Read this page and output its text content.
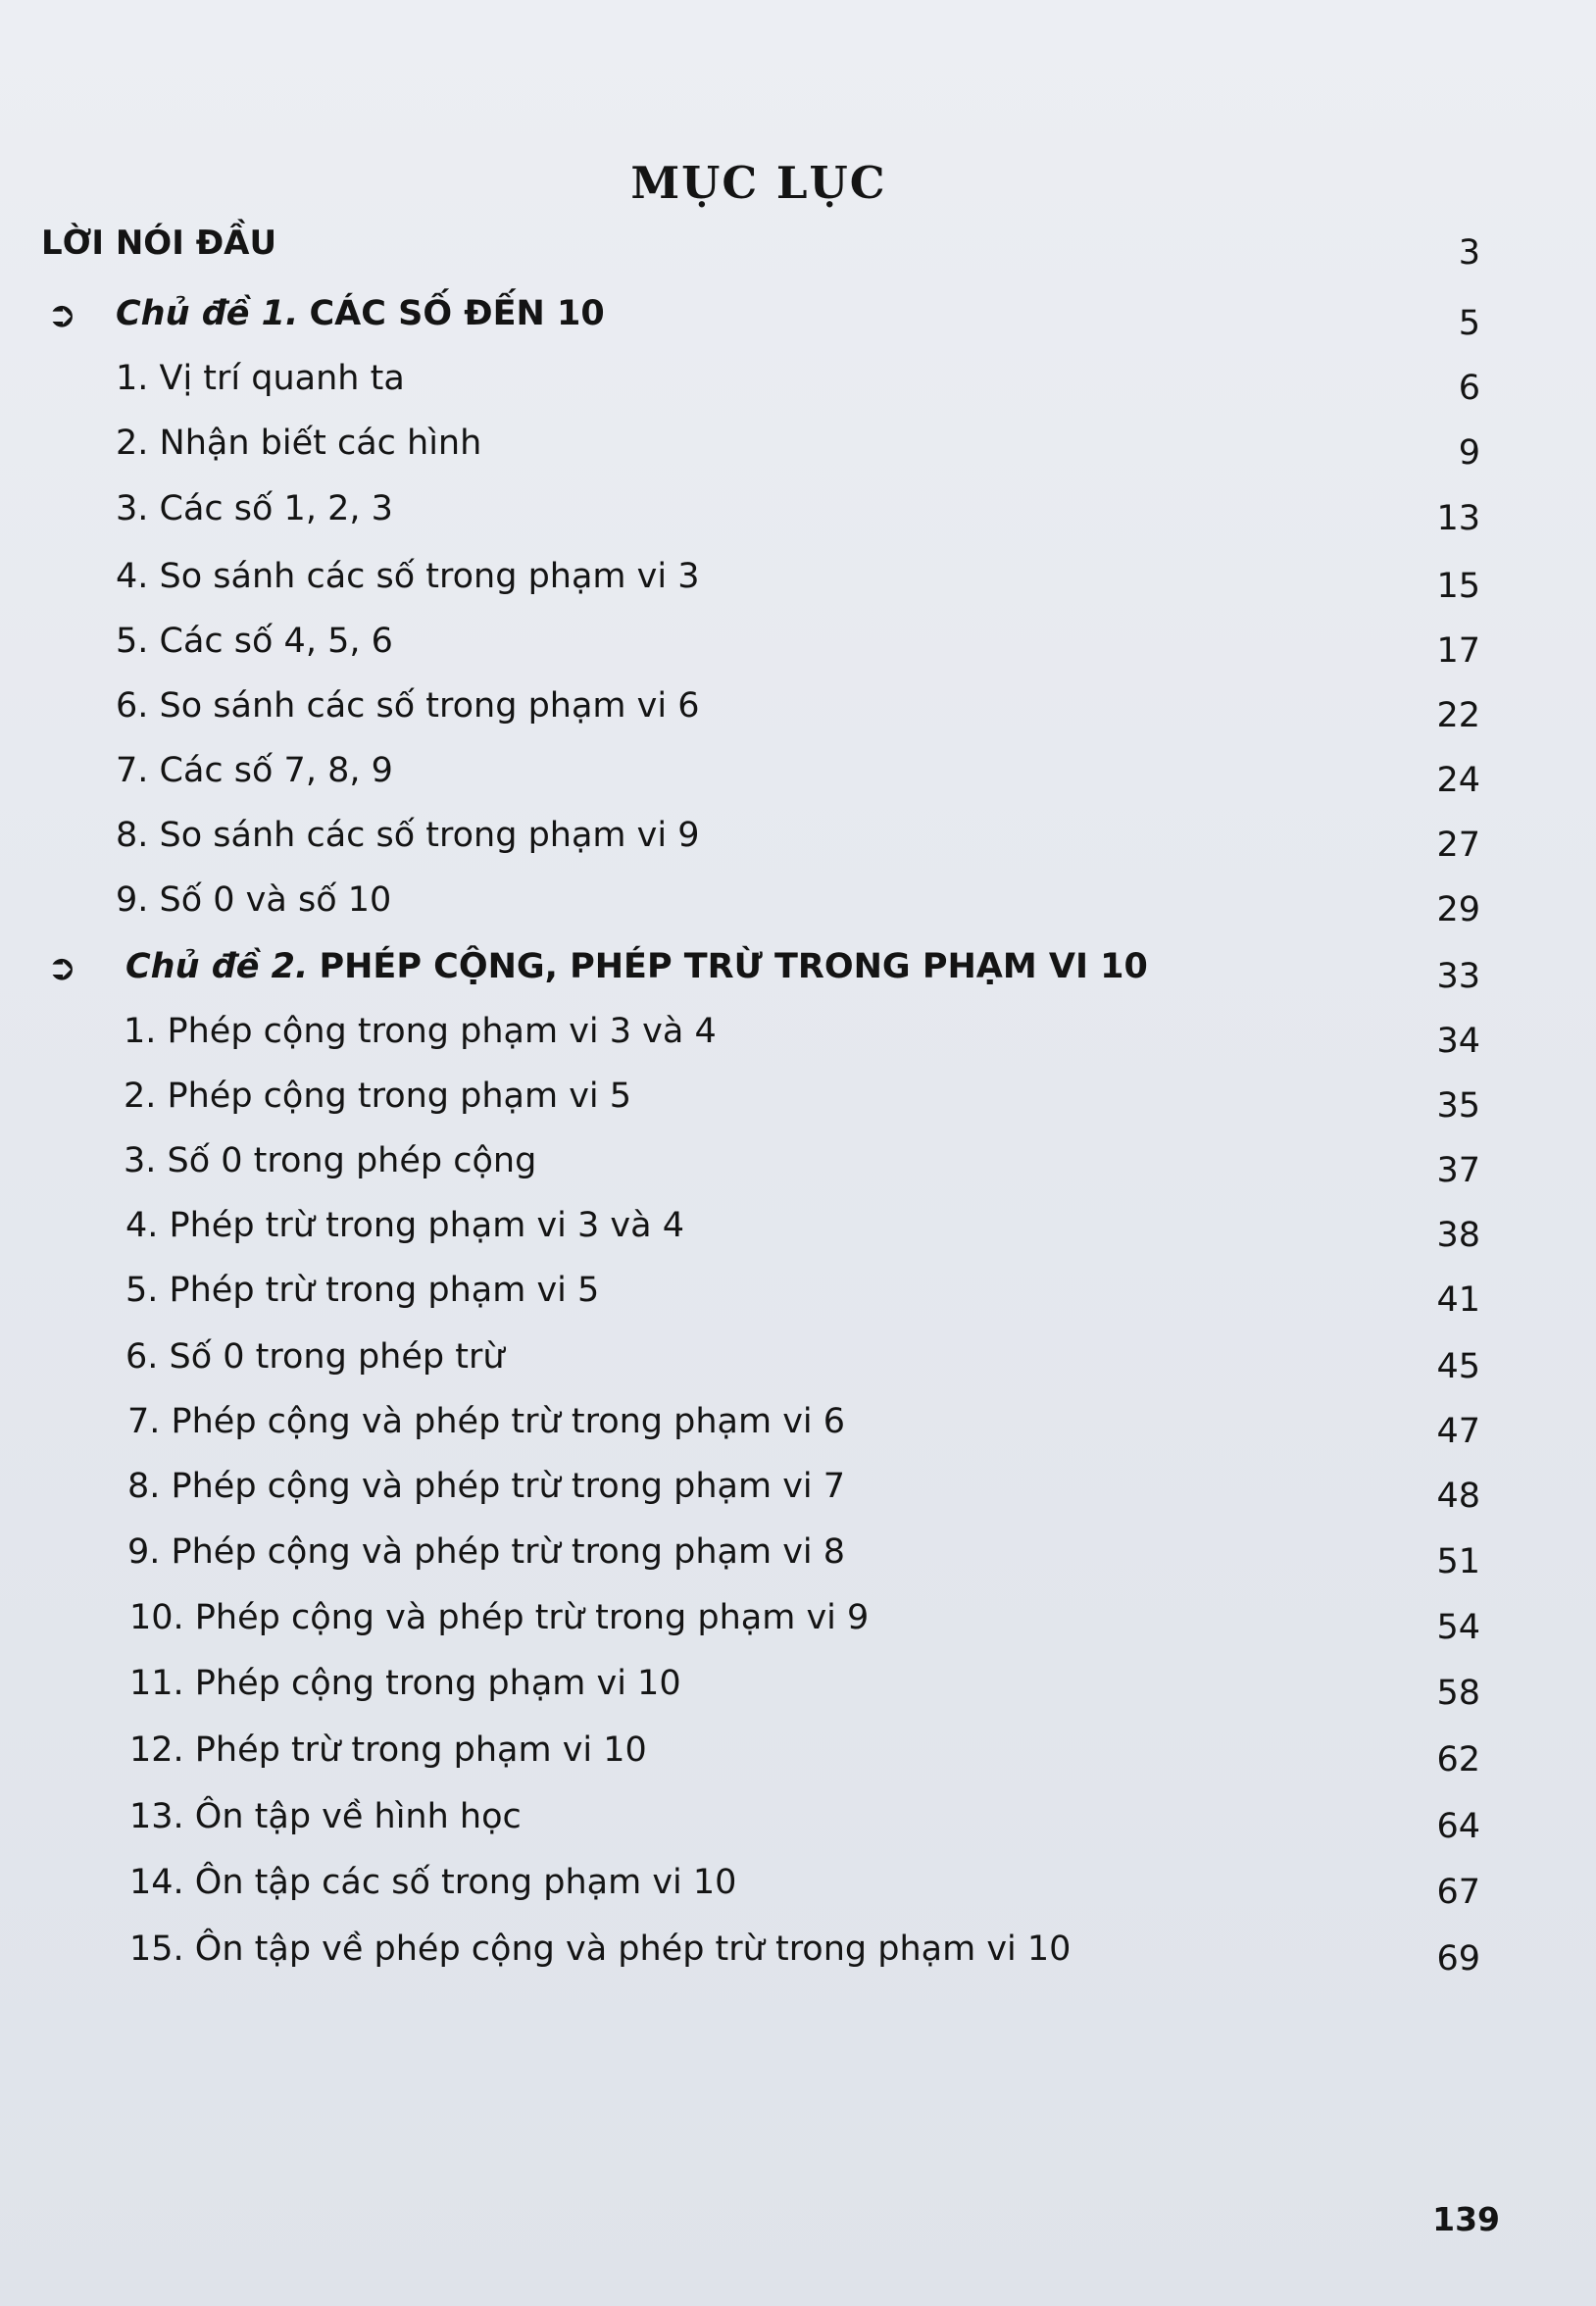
MỤC LỤC
LỜI NÓI ĐẦU	3
➲ Chủ đề 1. CÁC SỐ ĐẾN 10	5
1. Vị trí quanh ta	6
2. Nhận biết các hình	9
3. Các số 1, 2, 3	13
4. So sánh các số trong phạm vi 3	15
5. Các số 4, 5, 6	17
6. So sánh các số trong phạm vi 6	22
7. Các số 7, 8, 9	24
8. So sánh các số trong phạm vi 9	27
9. Số 0 và số 10	29
➲ Chủ đề 2. PHÉP CỘNG, PHÉP TRỪ TRONG PHẠM VI 10	33
1. Phép cộng trong phạm vi 3 và 4	34
2. Phép cộng trong phạm vi 5	35
3. Số 0 trong phép cộng	37
4. Phép trừ trong phạm vi 3 và 4	38
5. Phép trừ trong phạm vi 5	41
6. Số 0 trong phép trừ	45
7. Phép cộng và phép trừ trong phạm vi 6	47
8. Phép cộng và phép trừ trong phạm vi 7	48
9. Phép cộng và phép trừ trong phạm vi 8	51
10. Phép cộng và phép trừ trong phạm vi 9	54
11. Phép cộng trong phạm vi 10	58
12. Phép trừ trong phạm vi 10	62
13. Ôn tập về hình học	64
14. Ôn tập các số trong phạm vi 10	67
15. Ôn tập về phép cộng và phép trừ trong phạm vi 10	69
139
